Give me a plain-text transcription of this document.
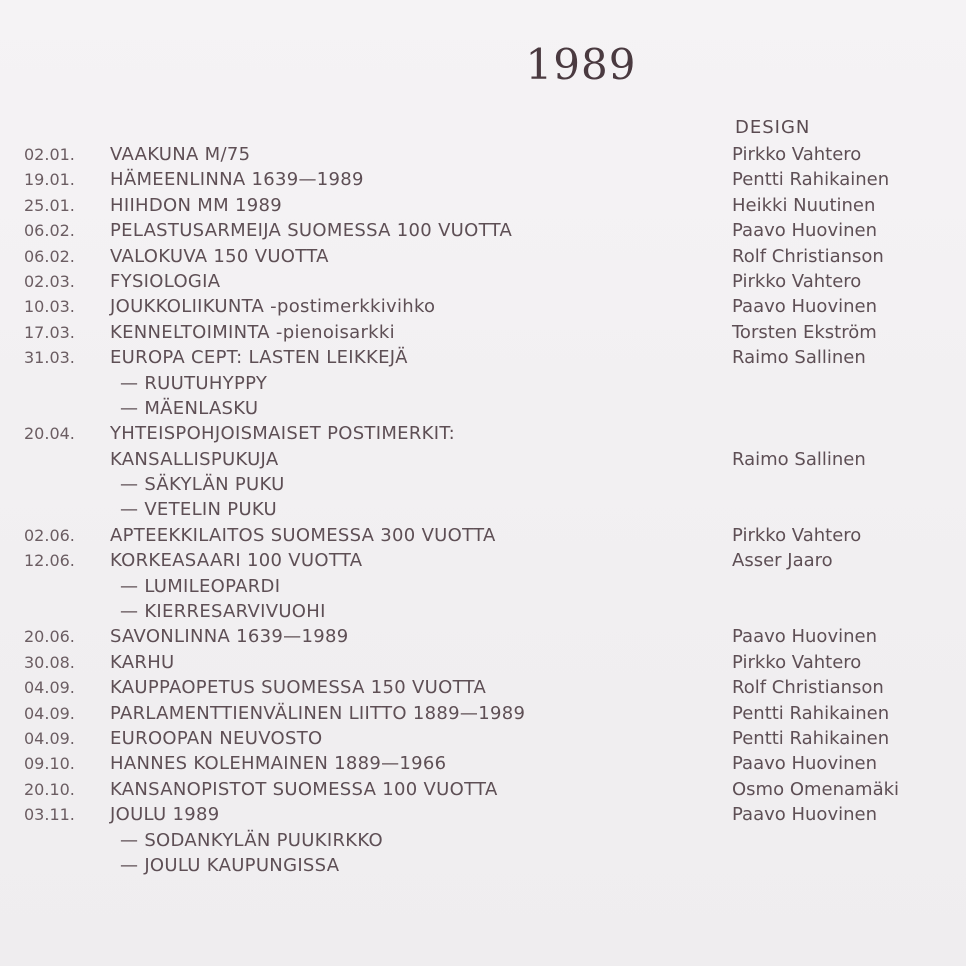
1989
DESIGN
02.01. VAAKUNA M/75	Pirkko Vahtero
19.01. HÄMEENLINNA 1639—1989	Pentti Rahikainen
25.01. HIIHDON MM 1989	Heikki Nuutinen
06.02. PELASTUSARMEIJA SUOMESSA 100 VUOTTA	Paavo Huovinen
06.02. VALOKUVA 150 VUOTTA	Rolf Christianson
02.03. FYSIOLOGIA	Pirkko Vahtero
10.03. JOUKKOLIIKUNTA -postimerkkivihko	Paavo Huovinen
17.03. KENNELTOIMINTA -pienoisarkki	Torsten Ekström
31.03. EUROPA CEPT: LASTEN LEIKKEJÄ	Raimo Sallinen
— RUUTUHYPPY
— MÄENLASKU
20.04. YHTEISPOHJOISMAISET POSTIMERKIT:
KANSALLISPUKUJA	Raimo Sallinen
— SÄKYLÄN PUKU
— VETELIN PUKU
02.06. APTEEKKILAITOS SUOMESSA 300 VUOTTA	Pirkko Vahtero
12.06. KORKEASAARI 100 VUOTTA	Asser Jaaro
— LUMILEOPARDI
— KIERRESARVIVUOHI
20.06. SAVONLINNA 1639—1989	Paavo Huovinen
30.08. KARHU	Pirkko Vahtero
04.09. KAUPPAOPETUS SUOMESSA 150 VUOTTA	Rolf Christianson
04.09. PARLAMENTTIENVÄLINEN LIITTO 1889—1989	Pentti Rahikainen
04.09. EUROOPAN NEUVOSTO	Pentti Rahikainen
09.10. HANNES KOLEHMAINEN 1889—1966	Paavo Huovinen
20.10. KANSANOPISTOT SUOMESSA 100 VUOTTA	Osmo Omenamäki
03.11. JOULU 1989	Paavo Huovinen
— SODANKYLÄN PUUKIRKKO
— JOULU KAUPUNGISSA
